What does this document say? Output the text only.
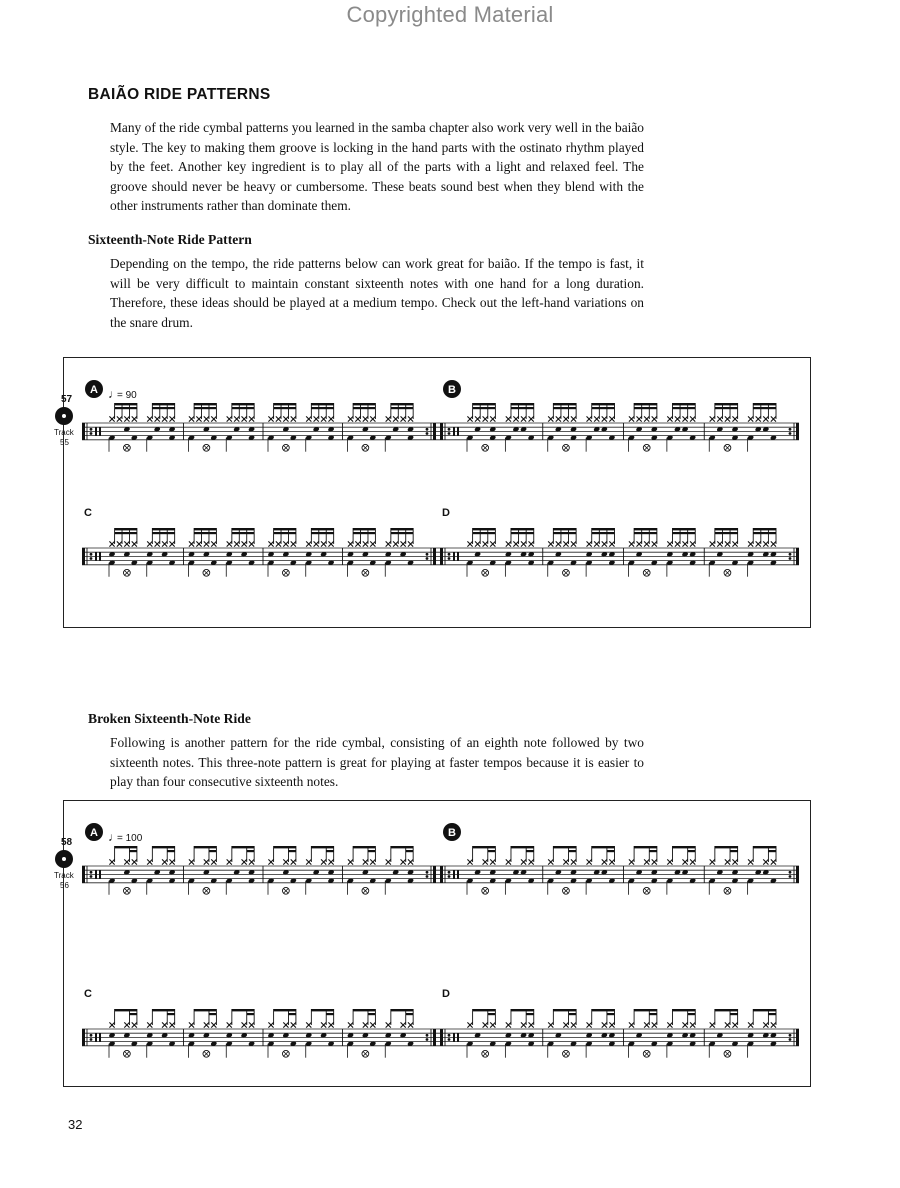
Copyrighted Material
BAIÃO RIDE PATTERNS
Many of the ride cymbal patterns you learned in the samba chapter also work very well in the baião style. The key to making them groove is locking in the hand parts with the ostinato rhythm played by the feet. Another key ingredient is to play all of the parts with a light and relaxed feel. The groove should never be heavy or cumbersome. These beats sound best when they blend with the other instruments rather than dominate them.
Sixteenth-Note Ride Pattern
Depending on the tempo, the ride patterns below can work great for baião. If the tempo is fast, it will be very difficult to maintain constant sixteenth notes with one hand for a long duration. Therefore, these ideas should be played at a medium tempo. Check out the left-hand variations on the snare drum.
A	B
C	D
57
Track
55
♩
= 90
Broken Sixteenth-Note Ride
Following is another pattern for the ride cymbal, consisting of an eighth note followed by two sixteenth notes. This three-note pattern is great for playing at faster tempos because it is easier to play than four consecutive sixteenth notes.
A	B
C	D
58
Track
56
♩
= 100
32
